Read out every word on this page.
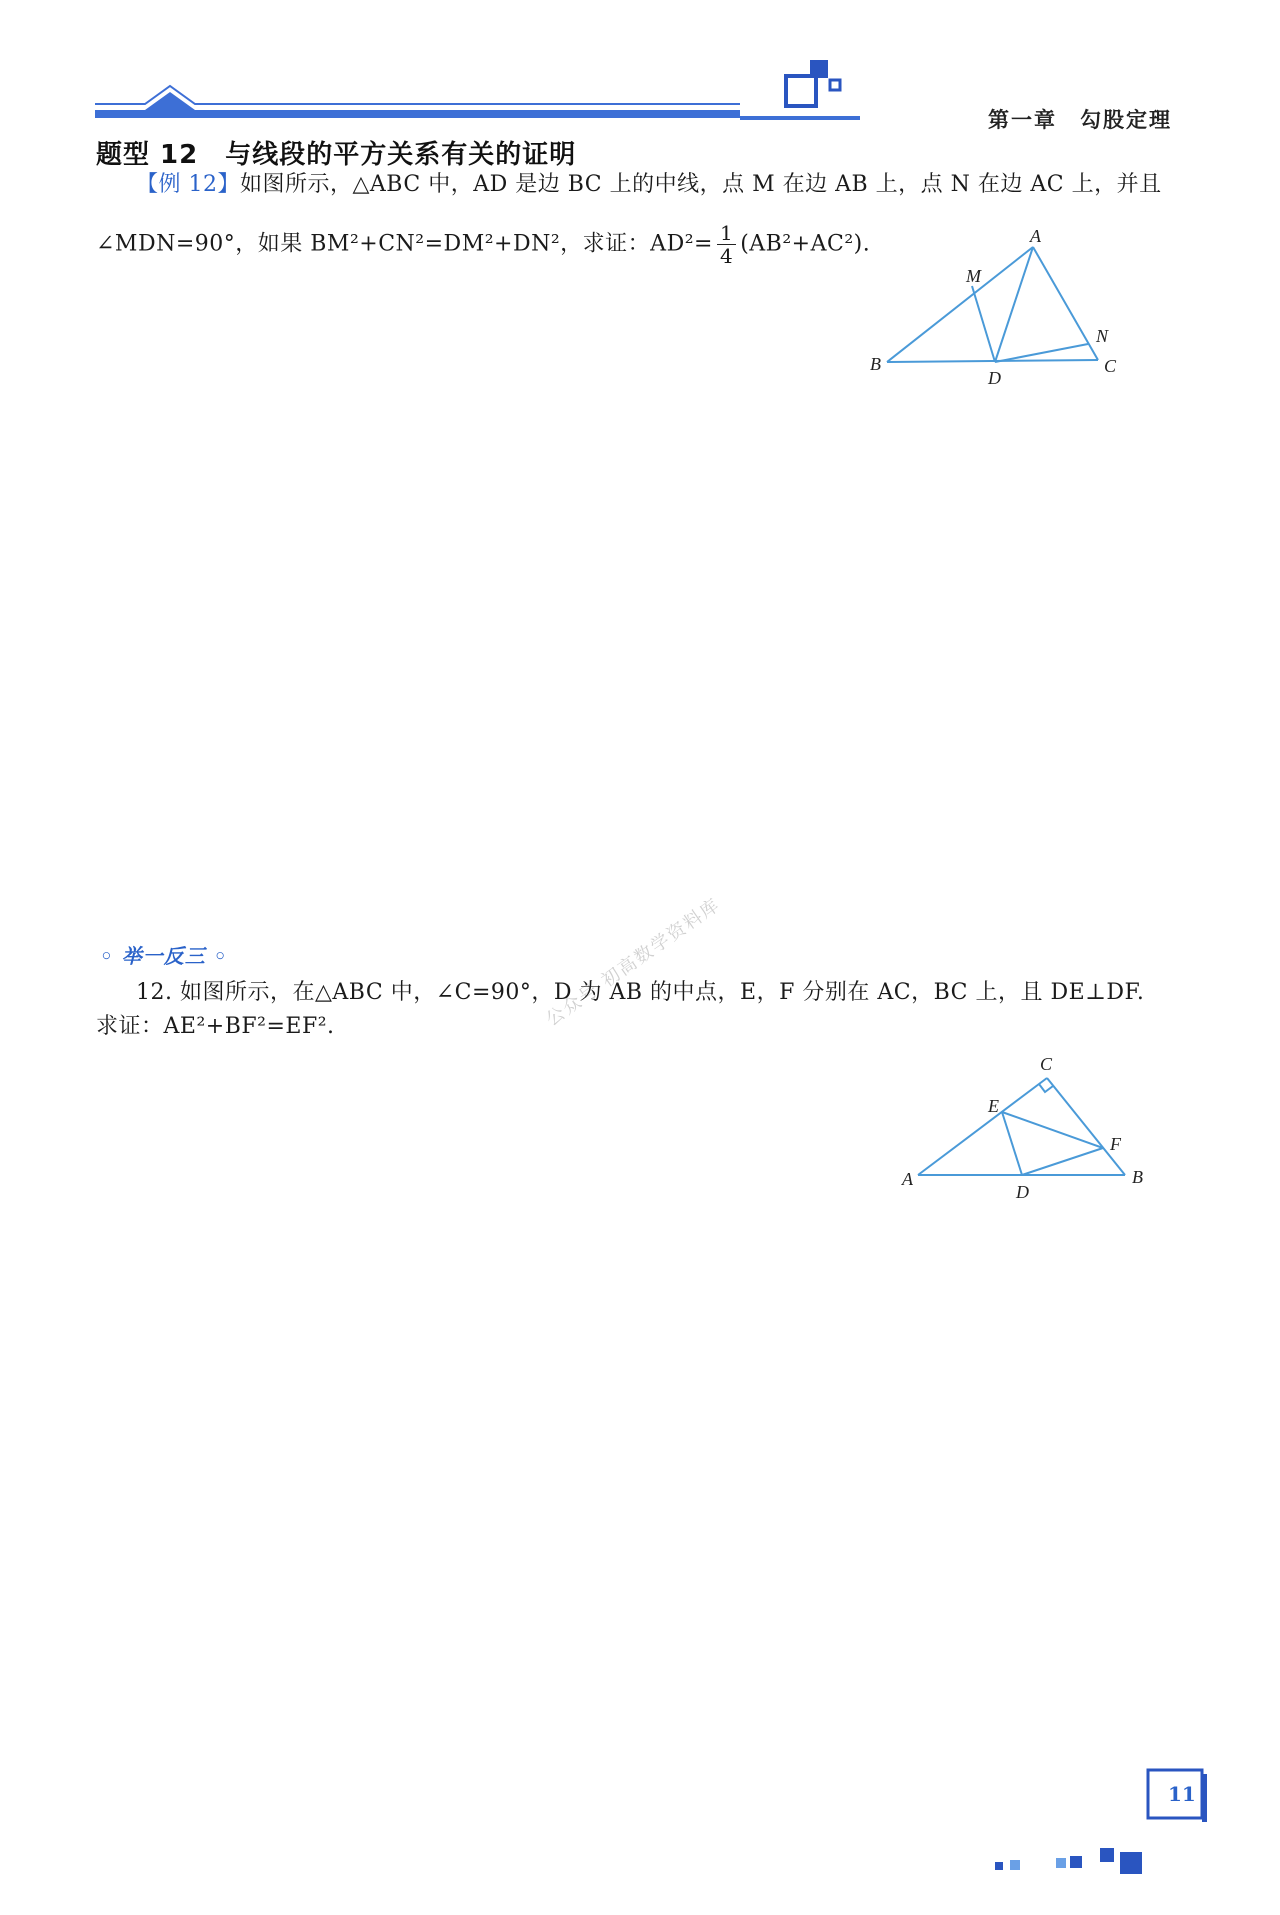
第一章　勾股定理
题型 12　与线段的平方关系有关的证明
【例 12】如图所示，△ABC 中，AD 是边 BC 上的中线，点 M 在边 AB 上，点 N 在边 AC 上，并且
∠MDN=90°，如果 BM²+CN²=DM²+DN²，求证：$AD^2= \frac{1}{4} (AB^2+AC^2)$.	A
M
N
B	C
D
◦ 举一反三 ◦	公众号 初高数学资料库
12. 如图所示，在△ABC 中，∠C=90°，D 为 AB 的中点，E，F 分别在 AC，BC 上，且 DE⊥DF.
求证：AE²+BF²=EF².
C
E
F
A	B
D
11
